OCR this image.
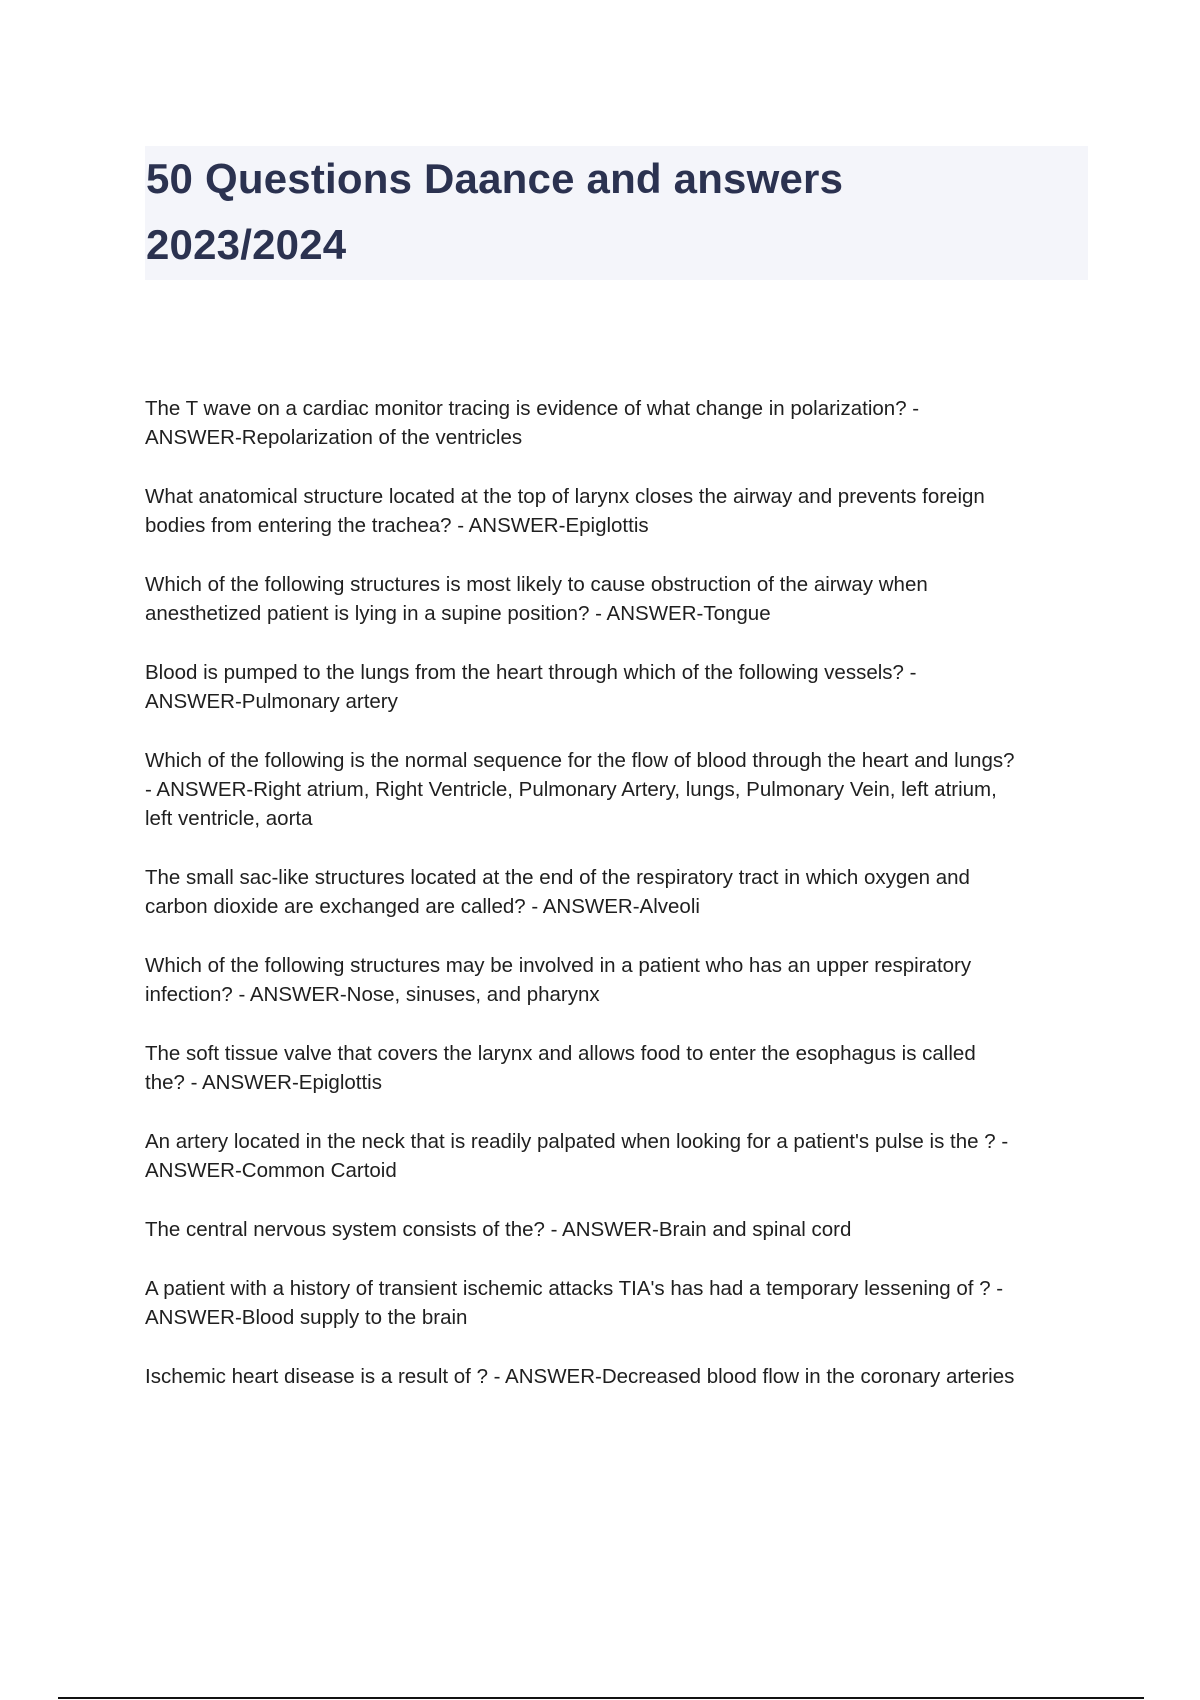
50 Questions Daance and answers
2023/2024

The T wave on a cardiac monitor tracing is evidence of what change in polarization? -
ANSWER-Repolarization of the ventricles

What anatomical structure located at the top of larynx closes the airway and prevents foreign
bodies from entering the trachea? - ANSWER-Epiglottis

Which of the following structures is most likely to cause obstruction of the airway when
anesthetized patient is lying in a supine position? - ANSWER-Tongue

Blood is pumped to the lungs from the heart through which of the following vessels? -
ANSWER-Pulmonary artery

Which of the following is the normal sequence for the flow of blood through the heart and lungs?
- ANSWER-Right atrium, Right Ventricle, Pulmonary Artery, lungs, Pulmonary Vein, left atrium,
left ventricle, aorta

The small sac-like structures located at the end of the respiratory tract in which oxygen and
carbon dioxide are exchanged are called? - ANSWER-Alveoli

Which of the following structures may be involved in a patient who has an upper respiratory
infection? - ANSWER-Nose, sinuses, and pharynx

The soft tissue valve that covers the larynx and allows food to enter the esophagus is called
the? - ANSWER-Epiglottis

An artery located in the neck that is readily palpated when looking for a patient's pulse is the ? -
ANSWER-Common Cartoid

The central nervous system consists of the? - ANSWER-Brain and spinal cord

A patient with a history of transient ischemic attacks TIA's has had a temporary lessening of ? -
ANSWER-Blood supply to the brain

Ischemic heart disease is a result of ? - ANSWER-Decreased blood flow in the coronary arteries
